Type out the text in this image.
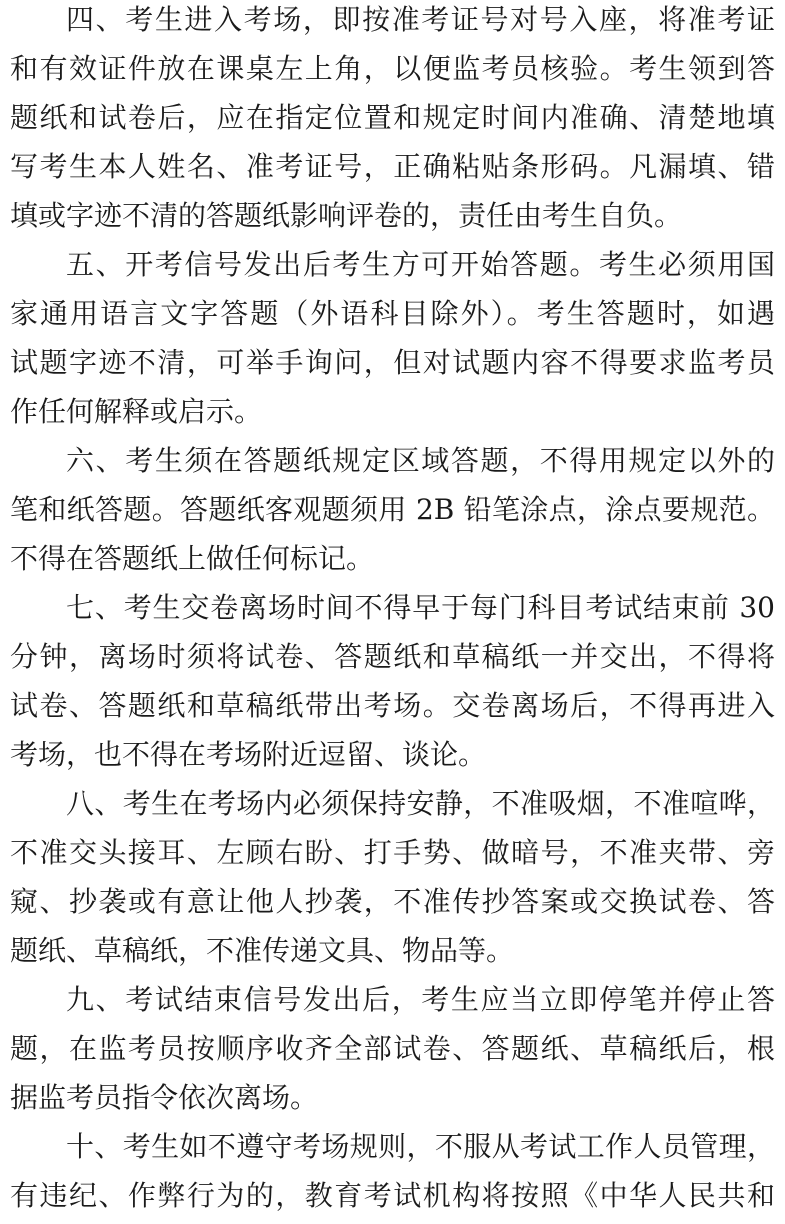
四、考生进入考场，即按准考证号对号入座，将准考证
和有效证件放在课桌左上角，以便监考员核验。考生领到答
题纸和试卷后，应在指定位置和规定时间内准确、清楚地填
写考生本人姓名、准考证号，正确粘贴条形码。凡漏填、错
填或字迹不清的答题纸影响评卷的，责任由考生自负。
五、开考信号发出后考生方可开始答题。考生必须用国
家通用语言文字答题（外语科目除外）。考生答题时，如遇
试题字迹不清，可举手询问，但对试题内容不得要求监考员
作任何解释或启示。
六、考生须在答题纸规定区域答题，不得用规定以外的
笔和纸答题。答题纸客观题须用 2B 铅笔涂点，涂点要规范。
不得在答题纸上做任何标记。
七、考生交卷离场时间不得早于每门科目考试结束前 30
分钟，离场时须将试卷、答题纸和草稿纸一并交出，不得将
试卷、答题纸和草稿纸带出考场。交卷离场后，不得再进入
考场，也不得在考场附近逗留、谈论。
八、考生在考场内必须保持安静，不准吸烟，不准喧哗，
不准交头接耳、左顾右盼、打手势、做暗号，不准夹带、旁
窥、抄袭或有意让他人抄袭，不准传抄答案或交换试卷、答
题纸、草稿纸，不准传递文具、物品等。
九、考试结束信号发出后，考生应当立即停笔并停止答
题，在监考员按顺序收齐全部试卷、答题纸、草稿纸后，根
据监考员指令依次离场。
十、考生如不遵守考场规则，不服从考试工作人员管理，
有违纪、作弊行为的，教育考试机构将按照《中华人民共和
